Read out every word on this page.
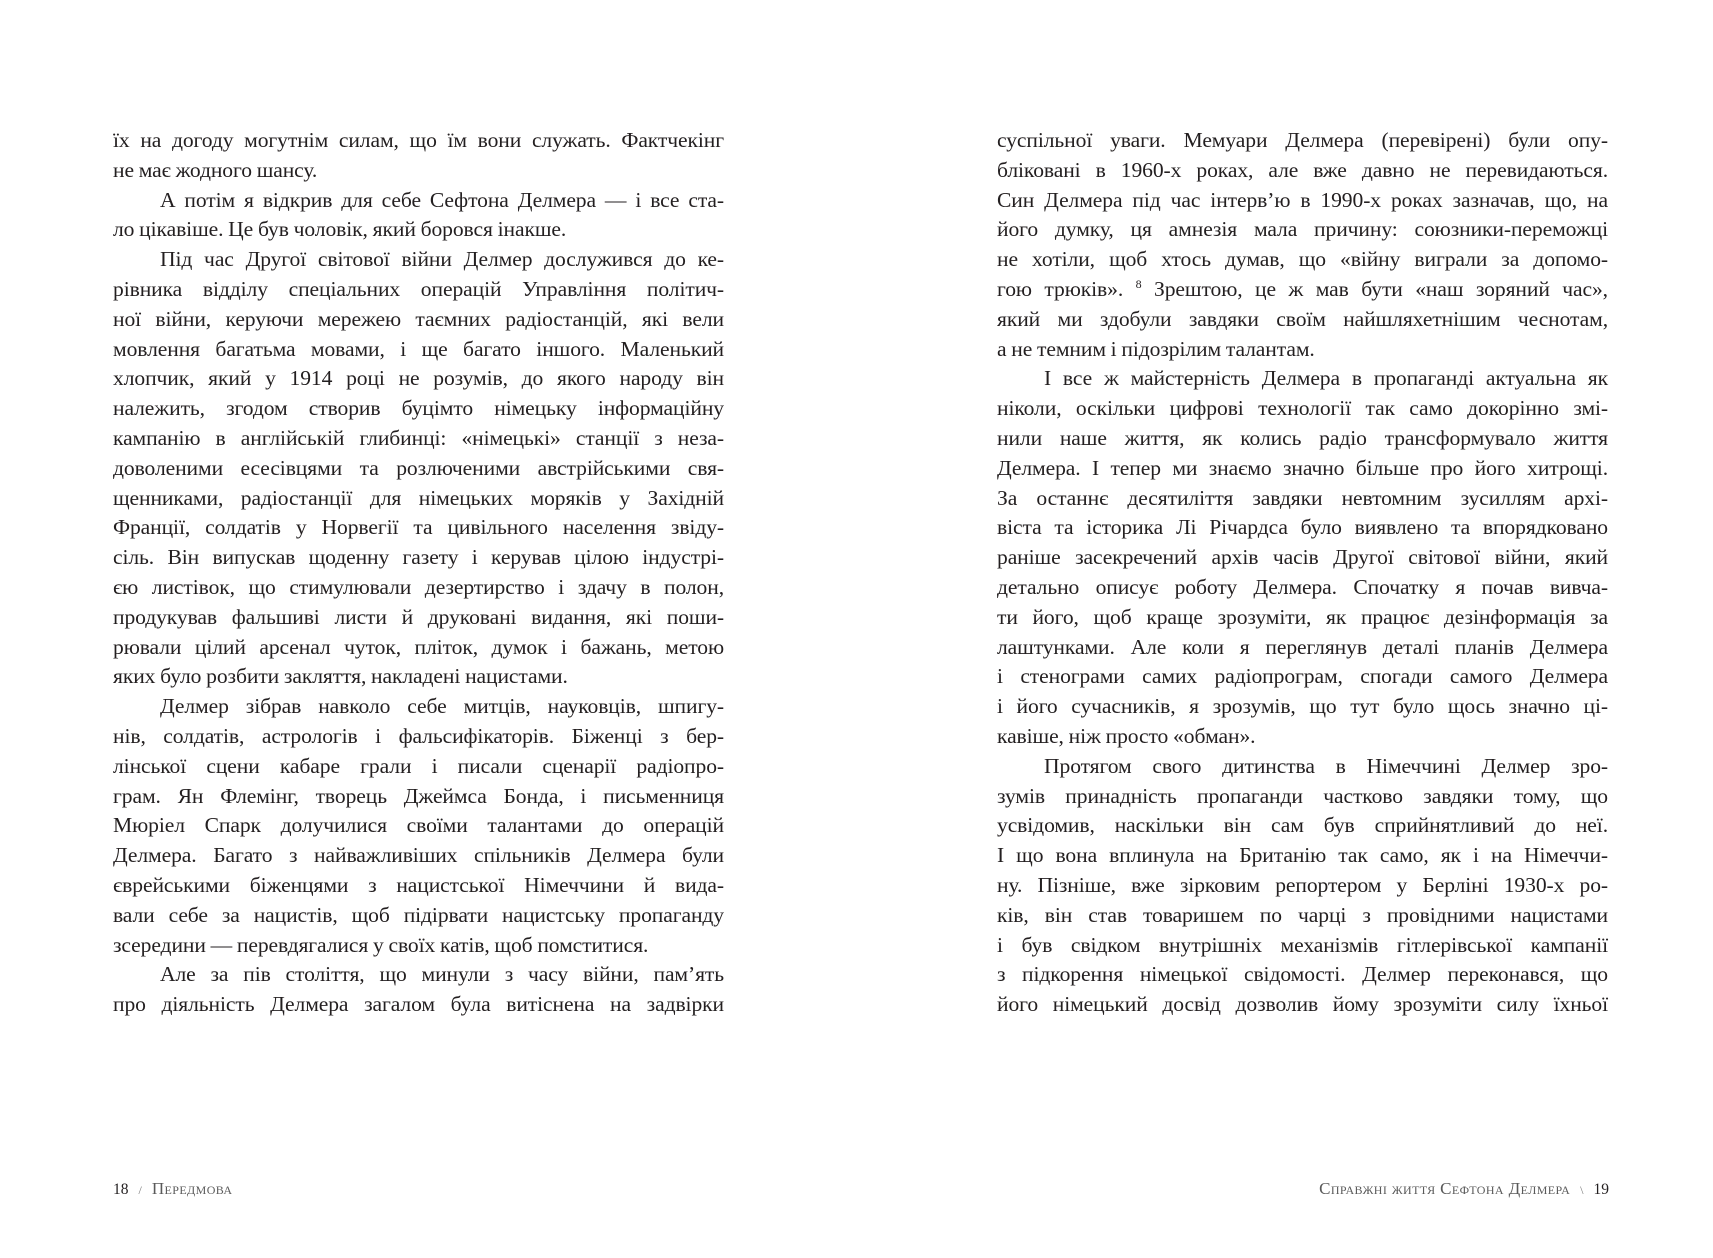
їх на догоду могутнім силам, що їм вони служать. Фактчекінг
не має жодного шансу.
А потім я відкрив для себе Сефтона Делмера — і все ста-
ло цікавіше. Це був чоловік, який боровся інакше.
Під час Другої світової війни Делмер дослужився до ке-
рівника відділу спеціальних операцій Управління політич-
ної війни, керуючи мережею таємних радіостанцій, які вели
мовлення багатьма мовами, і ще багато іншого. Маленький
хлопчик, який у 1914 році не розумів, до якого народу він
належить, згодом створив буцімто німецьку інформаційну
кампанію в англійській глибинці: «німецькі» станції з неза-
доволеними есесівцями та розлюченими австрійськими свя-
щенниками, радіостанції для німецьких моряків у Західній
Франції, солдатів у Норвегії та цивільного населення звіду-
сіль. Він випускав щоденну газету і керував цілою індустрі-
єю листівок, що стимулювали дезертирство і здачу в полон,
продукував фальшиві листи й друковані видання, які поши-
рювали цілий арсенал чуток, пліток, думок і бажань, метою
яких було розбити закляття, накладені нацистами.
Делмер зібрав навколо себе митців, науковців, шпигу-
нів, солдатів, астрологів і фальсифікаторів. Біженці з бер-
лінської сцени кабаре грали і писали сценарії радіопро-
грам. Ян Флемінг, творець Джеймса Бонда, і письменниця
Мюріел Спарк долучилися своїми талантами до операцій
Делмера. Багато з найважливіших спільників Делмера були
єврейськими біженцями з нацистської Німеччини й вида-
вали себе за нацистів, щоб підірвати нацистську пропаганду
зсередини — перевдягалися у своїх катів, щоб помститися.
Але за пів століття, що минули з часу війни, пам’ять
про діяльність Делмера загалом була витіснена на задвірки
18 / Передмова
суспільної уваги. Мемуари Делмера (перевірені) були опу-
бліковані в 1960-х роках, але вже давно не перевидаються.
Син Делмера під час інтерв’ю в 1990-х роках зазначав, що, на
його думку, ця амнезія мала причину: союзники-переможці
не хотіли, щоб хтось думав, що «війну виграли за допомо-
гою трюків». $^8$ Зрештою, це ж мав бути «наш зоряний час»,
який ми здобули завдяки своїм найшляхетнішим чеснотам,
а не темним і підозрілим талантам.
І все ж майстерність Делмера в пропаганді актуальна як
ніколи, оскільки цифрові технології так само докорінно змі-
нили наше життя, як колись радіо трансформувало життя
Делмера. І тепер ми знаємо значно більше про його хитрощі.
За останнє десятиліття завдяки невтомним зусиллям архі-
віста та історика Лі Річардса було виявлено та впорядковано
раніше засекречений архів часів Другої світової війни, який
детально описує роботу Делмера. Спочатку я почав вивча-
ти його, щоб краще зрозуміти, як працює дезінформація за
лаштунками. Але коли я переглянув деталі планів Делмера
і стенограми самих радіопрограм, спогади самого Делмера
і його сучасників, я зрозумів, що тут було щось значно ці-
кавіше, ніж просто «обман».
Протягом свого дитинства в Німеччині Делмер зро-
зумів принадність пропаганди частково завдяки тому, що
усвідомив, наскільки він сам був сприйнятливий до неї.
І що вона вплинула на Британію так само, як і на Німеччи-
ну. Пізніше, вже зірковим репортером у Берліні 1930-х ро-
ків, він став товаришем по чарці з провідними нацистами
і був свідком внутрішніх механізмів гітлерівської кампанії
з підкорення німецької свідомості. Делмер переконався, що
його німецький досвід дозволив йому зрозуміти силу їхньої
Справжні життя Сефтона Делмера \ 19
